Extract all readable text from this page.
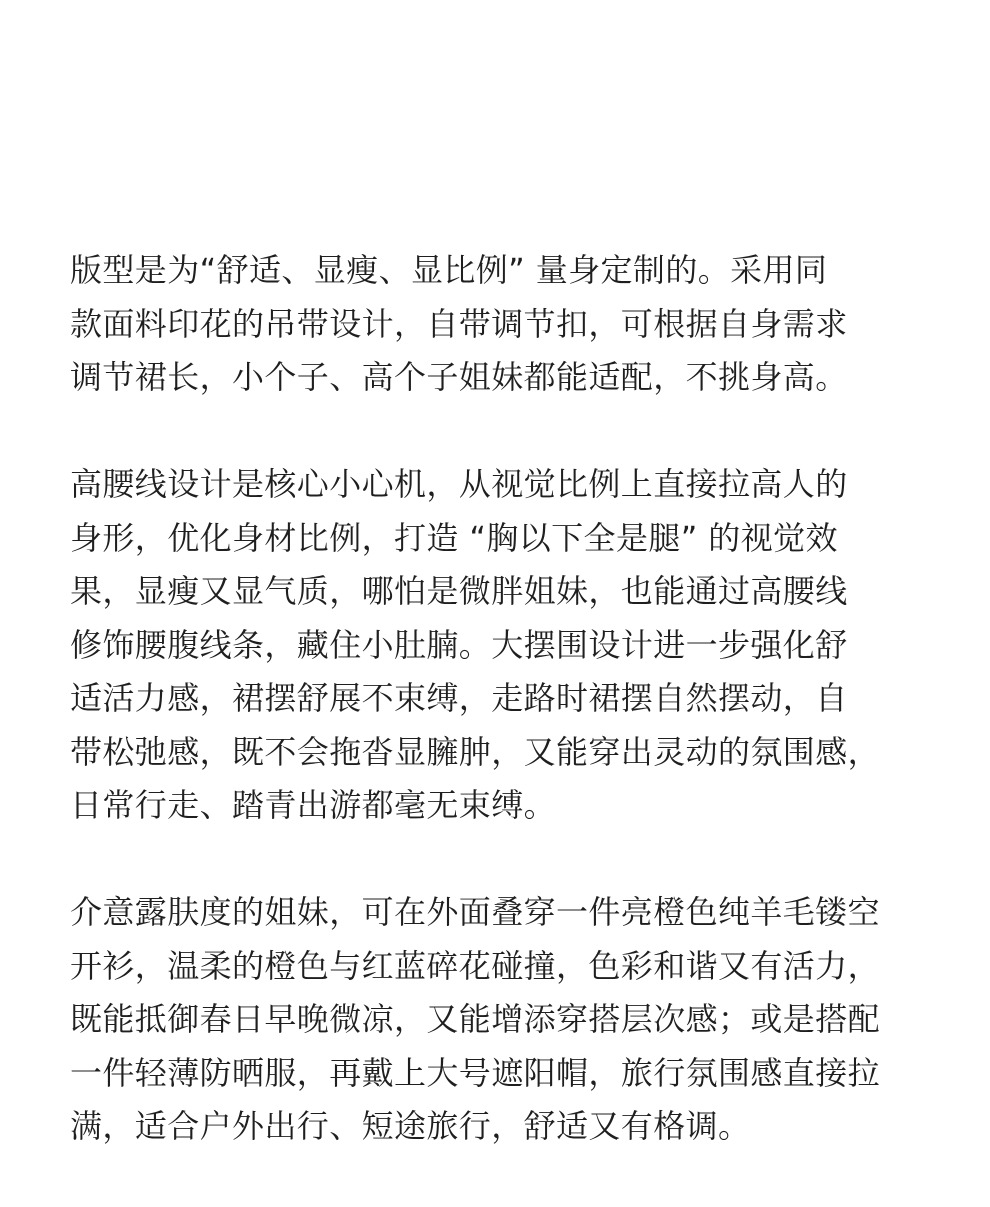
版型是为“舒适、显瘦、显比例” 量身定制的。采用同
款面料印花的吊带设计，自带调节扣，可根据自身需求
调节裙长，小个子、高个子姐妹都能适配，不挑身高。

高腰线设计是核心小心机，从视觉比例上直接拉高人的
身形，优化身材比例，打造 “胸以下全是腿” 的视觉效
果，显瘦又显气质，哪怕是微胖姐妹，也能通过高腰线
修饰腰腹线条，藏住小肚腩。大摆围设计进一步强化舒
适活力感，裙摆舒展不束缚，走路时裙摆自然摆动，自
带松弛感，既不会拖沓显臃肿，又能穿出灵动的氛围感，
日常行走、踏青出游都毫无束缚。

介意露肤度的姐妹，可在外面叠穿一件亮橙色纯羊毛镂空
开衫，温柔的橙色与红蓝碎花碰撞，色彩和谐又有活力，
既能抵御春日早晚微凉，又能增添穿搭层次感；或是搭配
一件轻薄防晒服，再戴上大号遮阳帽，旅行氛围感直接拉
满，适合户外出行、短途旅行，舒适又有格调。
